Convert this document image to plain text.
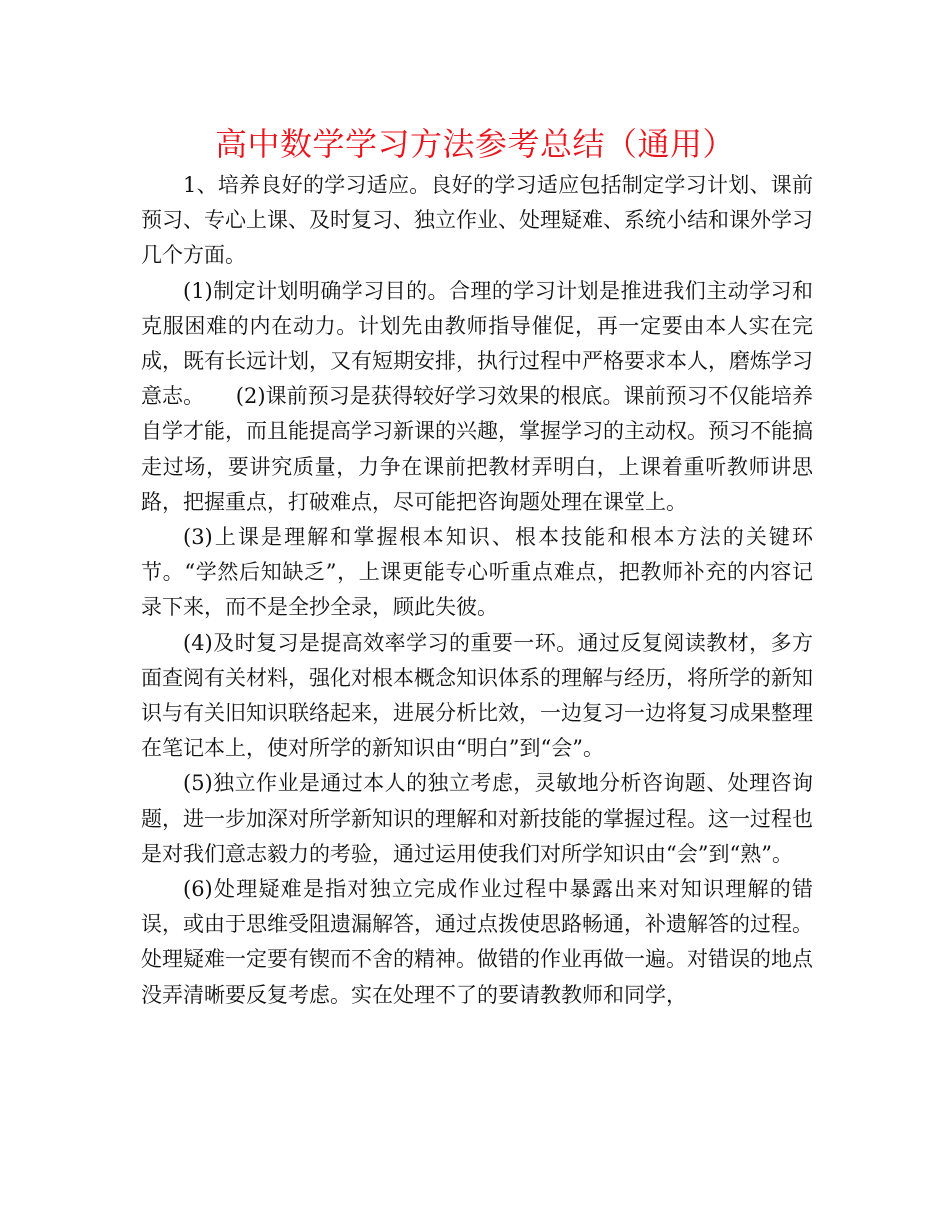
高中数学学习方法参考总结（通用）

1、培养良好的学习适应。良好的学习适应包括制定学习计划、课前预习、专心上课、及时复习、独立作业、处理疑难、系统小结和课外学习几个方面。

(1)制定计划明确学习目的。合理的学习计划是推进我们主动学习和克服困难的内在动力。计划先由教师指导催促，再一定要由本人实在完成，既有长远计划，又有短期安排，执行过程中严格要求本人，磨炼学习意志。　　(2)课前预习是获得较好学习效果的根底。课前预习不仅能培养自学才能，而且能提高学习新课的兴趣，掌握学习的主动权。预习不能搞走过场，要讲究质量，力争在课前把教材弄明白，上课着重听教师讲思路，把握重点，打破难点，尽可能把咨询题处理在课堂上。

(3)上课是理解和掌握根本知识、根本技能和根本方法的关键环节。“学然后知缺乏”，上课更能专心听重点难点，把教师补充的内容记录下来，而不是全抄全录，顾此失彼。

(4)及时复习是提高效率学习的重要一环。通过反复阅读教材，多方面查阅有关材料，强化对根本概念知识体系的理解与经历，将所学的新知识与有关旧知识联络起来，进展分析比效，一边复习一边将复习成果整理在笔记本上，使对所学的新知识由“明白”到“会”。

(5)独立作业是通过本人的独立考虑，灵敏地分析咨询题、处理咨询题，进一步加深对所学新知识的理解和对新技能的掌握过程。这一过程也是对我们意志毅力的考验，通过运用使我们对所学知识由“会”到“熟”。

(6)处理疑难是指对独立完成作业过程中暴露出来对知识理解的错误，或由于思维受阻遗漏解答，通过点拨使思路畅通，补遗解答的过程。处理疑难一定要有锲而不舍的精神。做错的作业再做一遍。对错误的地点没弄清晰要反复考虑。实在处理不了的要请教教师和同学，
